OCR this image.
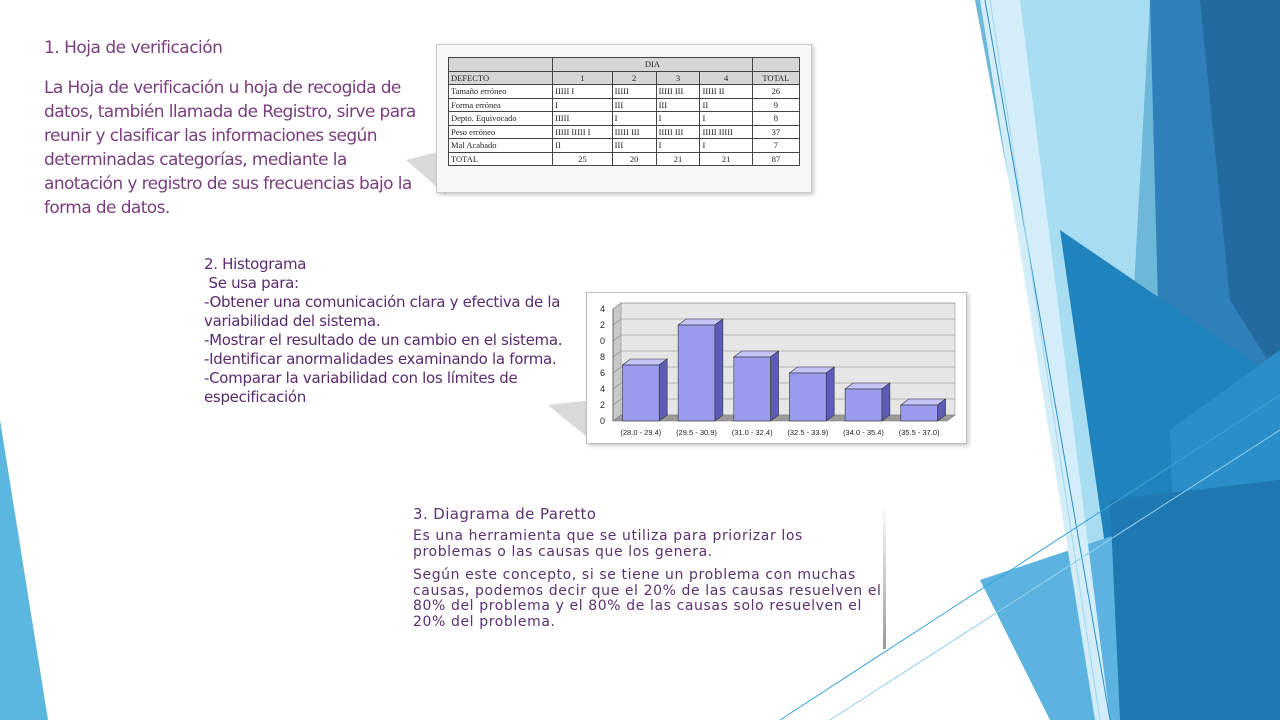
1. Hoja de verificación
La Hoja de verificación u hoja de recogida de datos, también llamada de Registro, sirve para reunir y clasificar las informaciones según determinadas categorías, mediante la anotación y registro de sus frecuencias bajo la forma de datos.
	DIA				
DEFECTO	1	2	3	4	TOTAL
Tamaño erróneo	IIIII I	IIIII	IIIII III	IIIII II	26
Forma errónea	I	III	III	II	9
Depto. Equivocado	IIIII	I	I	I	8
Peso erróneo	IIIII IIIII I	IIIII III	IIIII III	IIIII IIIII	37
Mal Acabado	II	III	I	I	7
TOTAL	25	20	21	21	87
2. Histograma
Se usa para:
-Obtener una comunicación clara y efectiva de la variabilidad del sistema.
-Mostrar el resultado de un cambio en el sistema.
-Identificar anormalidades examinando la forma.
-Comparar la variabilidad con los límites de especificación
0
2
4
6
8
0
2
4
(28.0 - 29.4) (29.5 - 30.9) (31.0 - 32.4) (32.5 - 33.9) (34.0 - 35.4) (35.5 - 37.0)
3. Diagrama de Paretto
Es una herramienta que se utiliza para priorizar los problemas o las causas que los genera.
Según este concepto, si se tiene un problema con muchas causas, podemos decir que el 20% de las causas resuelven el 80% del problema y el 80% de las causas solo resuelven el 20% del problema.
